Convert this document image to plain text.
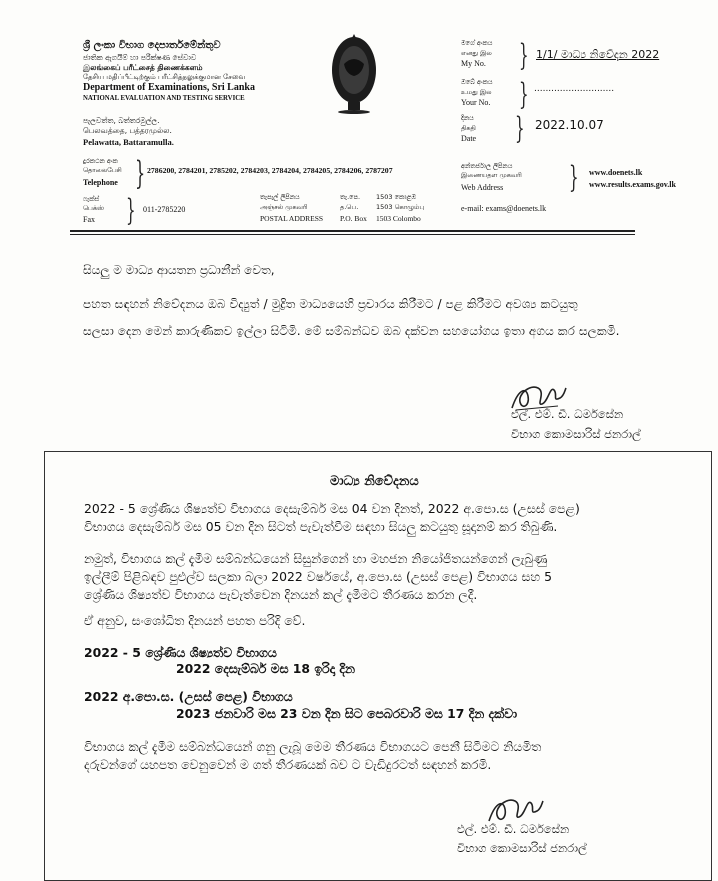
ශ්‍රී ලංකා විභාග දෙපාර්තමේන්තුව
ජාතික ඇගයීම් හා පරීක්ෂණ සේවාව
இலங்கைப் பரீட்சைத் திணைக்களம்
தேசிய மதிப்பீட்டிற்கும் பரீட்சித்தலுக்குமான சேவை
Department of Examinations, Sri Lanka
NATIONAL EVALUATION AND TESTING SERVICE
පැලවත්ත, බත්තරමුල්ල.
பெலவத்தை, பத்தரமுல்ல.
Pelawatta, Battaramulla.
මගේ අංකය
எனது இல
My No. } 1/1/ මාධ්‍ය නිවේදන 2022
ඔබේ අංකය
உமது இல
Your No. } ............................
දිනය
திகதி
Date } 2022.10.07
දුරකථන අංක
தொலைபேசி
Telephone } 2786200, 2784201, 2785202, 2784203, 2784204, 2784205, 2784206, 2787207	අන්තර්ජාල ලිපිනය
இணையதள முகவரி
Web Address } www.doenets.lk
www.results.exams.gov.lk
ෆැක්ස්
பெக்ஸ்
Fax } 011-2785220
තැපැල් ලිපිනය
அஞ்சல் முகவரி
POSTAL ADDRESS
තැ.පෙ.
த.பெ.
P.O. Box
1503 කොළඹ
1503 கொழும்பு
1503 Colombo
e-mail: exams@doenets.lk
සියලු ම මාධ්‍ය ආයතන ප්‍රධානීන් වෙත,
පහත සඳහන් නිවේදනය ඔබ විද්‍යුත් / මුද්‍රිත මාධ්‍යයෙහි ප්‍රචාරය කිරීමට / පළ කිරීමට අවශ්‍ය කටයුතු
සලසා දෙන මෙන් කාරුණිකව ඉල්ලා සිටිමි. මේ සම්බන්ධව ඔබ දක්වන සහයෝගය ඉතා අගය කර සලකමි.
එල්. එම්. ඩී. ධර්මසේන
විභාග කොමසාරිස් ජනරාල්
මාධ්‍ය නිවේදනය
2022 - 5 ශ්‍රේණිය ශිෂ්‍යත්ව විභාගය දෙසැම්බර් මස 04 වන දිනත්, 2022 අ.පො.ස (උසස් පෙළ)
විභාගය දෙසැම්බර් මස 05 වන දින සිටත් පැවැත්වීම සඳහා සියලු කටයුතු සූදානම් කර තිබුණි.
නමුත්, විභාගය කල් දැමීම සම්බන්ධයෙන් සිසුන්ගෙන් හා මහජන නියෝජිතයන්ගෙන් ලැබුණු
ඉල්ලීම් පිළිබඳව පුළුල්ව සලකා බලා 2022 වර්ෂයේ, අ.පො.ස (උසස් පෙළ) විභාගය සහ 5
ශ්‍රේණිය ශිෂ්‍යත්ව විභාගය පැවැත්වෙන දිනයන් කල් දැමීමට තීරණය කරන ලදී.
ඒ අනුව, සංශෝධිත දිනයන් පහත පරිදි වේ.
2022 - 5 ශ්‍රේණිය ශිෂ්‍යත්ව විභාගය
2022 දෙසැම්බර් මස 18 ඉරිදා දින
2022 අ.පො.ස. (උසස් පෙළ) විභාගය
2023 ජනවාරි මස 23 වන දින සිට පෙබරවාරි මස 17 දින දක්වා
විභාගය කල් දැමීම සම්බන්ධයෙන් ගනු ලැබූ මෙම තීරණය විභාගයට පෙනී සිටීමට නියමිත
දරුවන්ගේ යහපත වෙනුවෙන් ම ගත් තීරණයක් බව ට වැඩිදුරටත් සඳහන් කරමි.
එල්. එම්. ඩී. ධර්මසේන
විභාග කොමසාරිස් ජනරාල්
